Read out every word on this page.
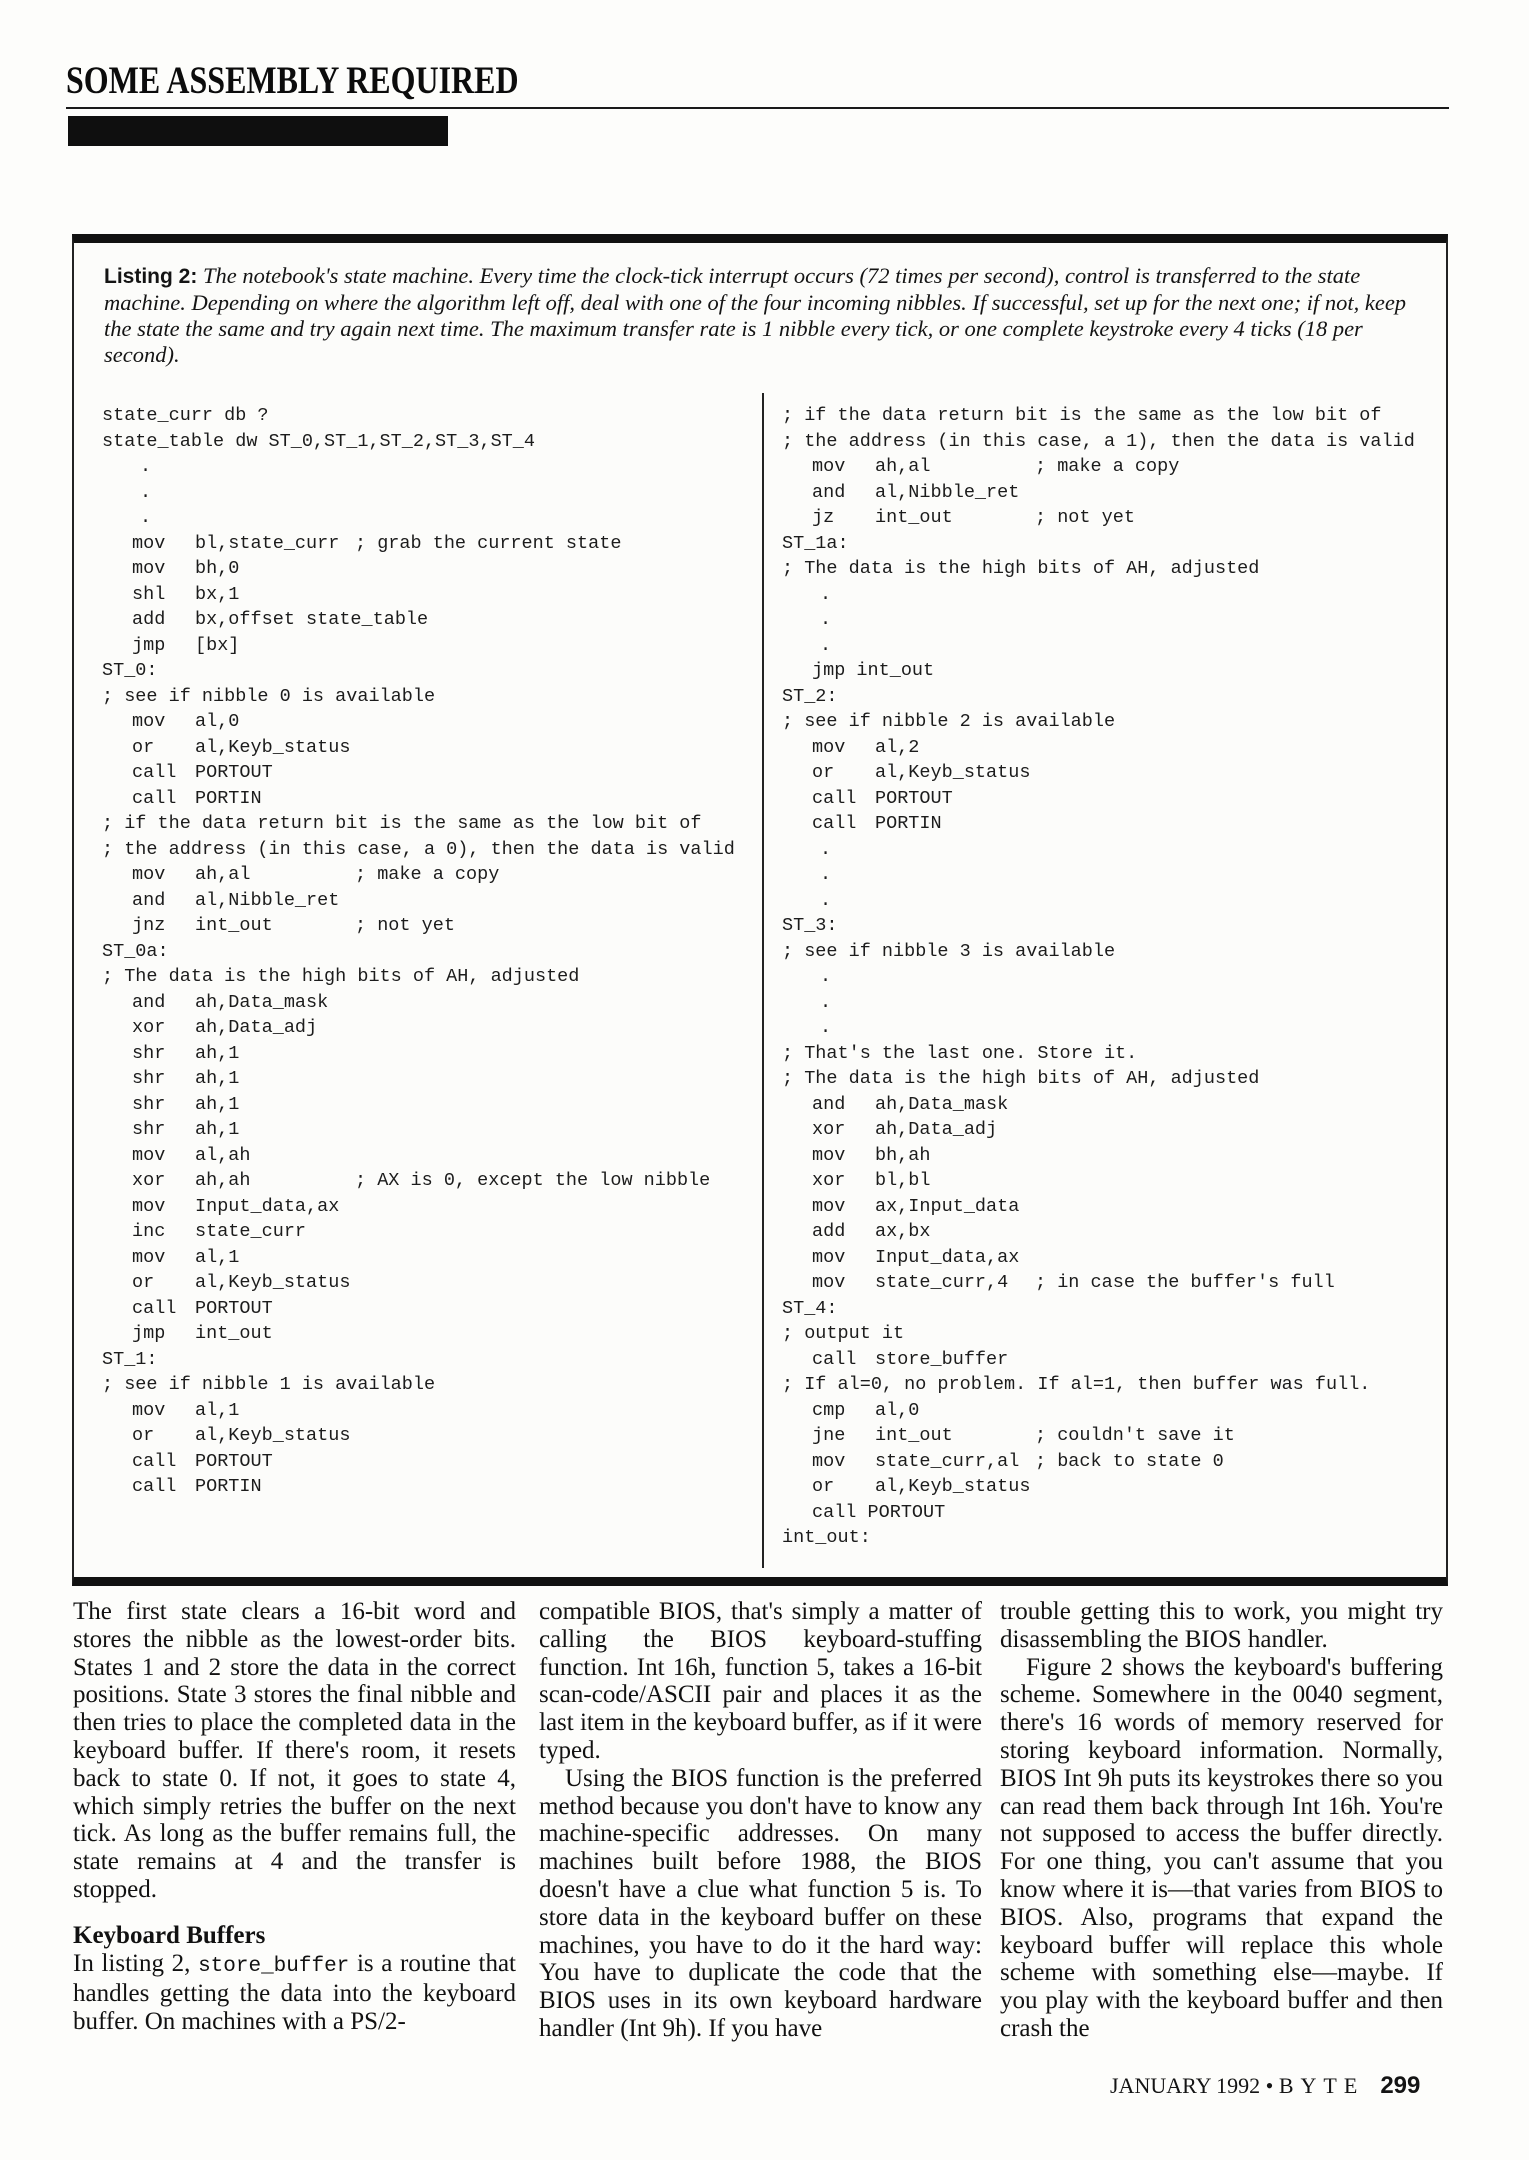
SOME ASSEMBLY REQUIRED
Listing 2: The notebook's state machine. Every time the clock-tick interrupt occurs (72 times per second), control is transferred to the state machine. Depending on where the algorithm left off, deal with one of the four incoming nibbles. If successful, set up for the next one; if not, keep the state the same and try again next time. The maximum transfer rate is 1 nibble every tick, or one complete keystroke every 4 ticks (18 per second).
state_curr db ?
state_table dw ST_0,ST_1,ST_2,ST_3,ST_4
.
.
.
mov bl,state_curr ; grab the current state
mov bh,0
shl bx,1
add bx,offset state_table
jmp [bx]
ST_0:
; see if nibble 0 is available
mov al,0
or al,Keyb_status
call PORTOUT
call PORTIN
; if the data return bit is the same as the low bit of
; the address (in this case, a 0), then the data is valid
mov ah,al	; make a copy
and al,Nibble_ret
jnz int_out	; not yet
ST_0a:
; The data is the high bits of AH, adjusted
and ah,Data_mask
xor ah,Data_adj
shr ah,1
shr ah,1
shr ah,1
shr ah,1
mov al,ah
xor ah,ah	; AX is 0, except the low nibble
mov Input_data,ax
inc state_curr
mov al,1
or al,Keyb_status
call PORTOUT
jmp int_out
ST_1:
; see if nibble 1 is available
mov al,1
or al,Keyb_status
call PORTOUT
call PORTIN
; if the data return bit is the same as the low bit of
; the address (in this case, a 1), then the data is valid
mov ah,al	; make a copy
and al,Nibble_ret
jz int_out	; not yet
ST_1a:
; The data is the high bits of AH, adjusted
.
.
.
jmp int_out
ST_2:
; see if nibble 2 is available
mov al,2
or al,Keyb_status
call PORTOUT
call PORTIN
.
.
.
ST_3:
; see if nibble 3 is available
.
.
.
; That's the last one. Store it.
; The data is the high bits of AH, adjusted
and ah,Data_mask
xor ah,Data_adj
mov bh,ah
xor bl,bl
mov ax,Input_data
add ax,bx
mov Input_data,ax
mov state_curr,4 ; in case the buffer's full
ST_4:
; output it
call store_buffer
; If al=0, no problem. If al=1, then buffer was full.
cmp al,0
jne int_out	; couldn't save it
mov state_curr,al ; back to state 0
or al,Keyb_status
call PORTOUT
int_out:

The first state clears a 16-bit word and stores the nibble as the lowest-order bits. States 1 and 2 store the data in the correct positions. State 3 stores the final nibble and then tries to place the completed data in the keyboard buffer. If there's room, it resets back to state 0. If not, it goes to state 4, which simply retries the buffer on the next tick. As long as the buffer remains full, the state remains at 4 and the transfer is stopped.

Keyboard Buffers

In listing 2, store_buffer is a routine that handles getting the data into the keyboard buffer. On machines with a PS/2-

compatible BIOS, that's simply a matter of calling the BIOS keyboard-stuffing function. Int 16h, function 5, takes a 16-bit scan-code/ASCII pair and places it as the last item in the keyboard buffer, as if it were typed.

Using the BIOS function is the preferred method because you don't have to know any machine-specific addresses. On many machines built before 1988, the BIOS doesn't have a clue what function 5 is. To store data in the keyboard buffer on these machines, you have to do it the hard way: You have to duplicate the code that the BIOS uses in its own keyboard hardware handler (Int 9h). If you have

trouble getting this to work, you might try disassembling the BIOS handler.

Figure 2 shows the keyboard's buffering scheme. Somewhere in the 0040 segment, there's 16 words of memory reserved for storing keyboard information. Normally, BIOS Int 9h puts its keystrokes there so you can read them back through Int 16h. You're not supposed to access the buffer directly. For one thing, you can't assume that you know where it is—that varies from BIOS to BIOS. Also, programs that expand the keyboard buffer will replace this whole scheme with something else—maybe. If you play with the keyboard buffer and then crash the

JANUARY 1992 • BYTE 299
